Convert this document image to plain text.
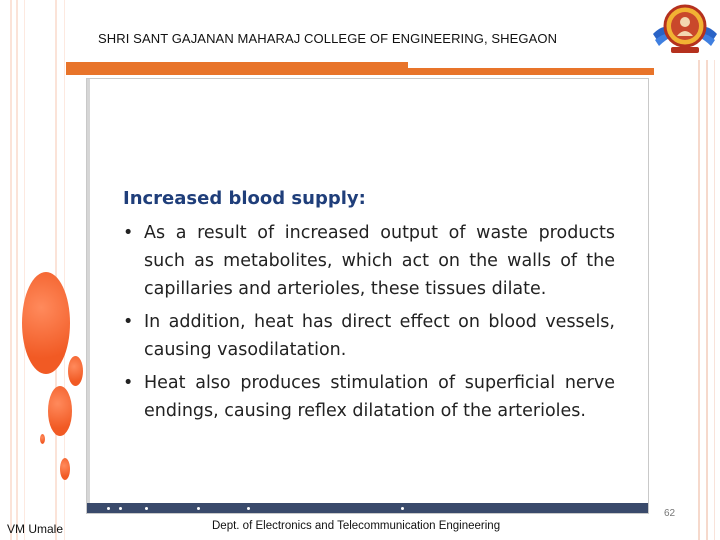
SHRI SANT GAJANAN MAHARAJ COLLEGE OF ENGINEERING, SHEGAON
Increased blood supply:
• As a result of increased output of waste products such as metabolites, which act on the walls of the capillaries and arterioles, these tissues dilate.
• In addition, heat has direct effect on blood vessels, causing vasodilatation.
• Heat also produces stimulation of superficial nerve endings, causing reflex dilatation of the arterioles.
62
VM Umale	Dept. of Electronics and Telecommunication Engineering
